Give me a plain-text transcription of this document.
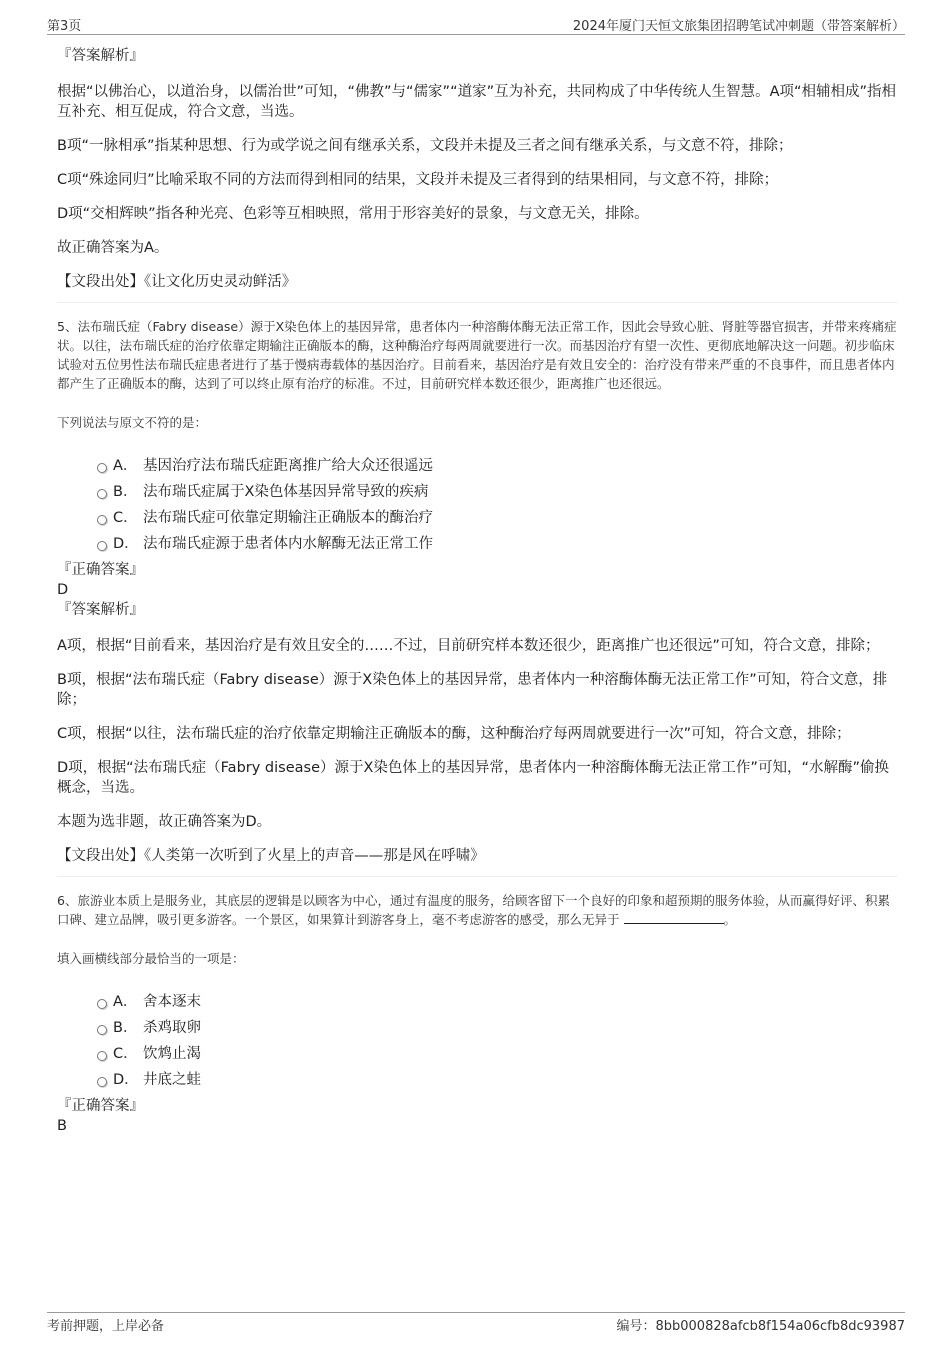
第3页	2024年厦门天恒文旅集团招聘笔试冲刺题（带答案解析）

『答案解析』

根据“以佛治心，以道治身，以儒治世”可知，“佛教”与“儒家”“道家”互为补充，共同构成了中华传统人生智慧。A项“相辅相成”指相互补充、相互促成，符合文意，当选。

B项“一脉相承”指某种思想、行为或学说之间有继承关系，文段并未提及三者之间有继承关系，与文意不符，排除；

C项“殊途同归”比喻采取不同的方法而得到相同的结果，文段并未提及三者得到的结果相同，与文意不符，排除；

D项“交相辉映”指各种光亮、色彩等互相映照，常用于形容美好的景象，与文意无关，排除。

故正确答案为A。

【文段出处】《让文化历史灵动鲜活》

5、法布瑞氏症（Fabry disease）源于X染色体上的基因异常，患者体内一种溶酶体酶无法正常工作，因此会导致心脏、肾脏等器官损害，并带来疼痛症状。以往，法布瑞氏症的治疗依靠定期输注正确版本的酶，这种酶治疗每两周就要进行一次。而基因治疗有望一次性、更彻底地解决这一问题。初步临床试验对五位男性法布瑞氏症患者进行了基于慢病毒载体的基因治疗。目前看来，基因治疗是有效且安全的：治疗没有带来严重的不良事件，而且患者体内都产生了正确版本的酶，达到了可以终止原有治疗的标准。不过，目前研究样本数还很少，距离推广也还很远。

下列说法与原文不符的是：

A． 基因治疗法布瑞氏症距离推广给大众还很遥远
B． 法布瑞氏症属于X染色体基因异常导致的疾病
C． 法布瑞氏症可依靠定期输注正确版本的酶治疗
D． 法布瑞氏症源于患者体内水解酶无法正常工作

『正确答案』

D

『答案解析』

A项，根据“目前看来，基因治疗是有效且安全的……不过，目前研究样本数还很少，距离推广也还很远”可知，符合文意，排除；

B项，根据“法布瑞氏症（Fabry disease）源于X染色体上的基因异常，患者体内一种溶酶体酶无法正常工作”可知，符合文意，排除；

C项，根据“以往，法布瑞氏症的治疗依靠定期输注正确版本的酶，这种酶治疗每两周就要进行一次”可知，符合文意，排除；

D项，根据“法布瑞氏症（Fabry disease）源于X染色体上的基因异常，患者体内一种溶酶体酶无法正常工作”可知，“水解酶”偷换概念，当选。

本题为选非题，故正确答案为D。

【文段出处】《人类第一次听到了火星上的声音——那是风在呼啸》

6、旅游业本质上是服务业，其底层的逻辑是以顾客为中心，通过有温度的服务，给顾客留下一个良好的印象和超预期的服务体验，从而赢得好评、积累口碑、建立品牌，吸引更多游客。一个景区，如果算计到游客身上，毫不考虑游客的感受，那么无异于	。

填入画横线部分最恰当的一项是：

A． 舍本逐末
B． 杀鸡取卵
C． 饮鸩止渴
D． 井底之蛙

『正确答案』

B

考前押题，上岸必备	编号：8bb000828afcb8f154a06cfb8dc93987
